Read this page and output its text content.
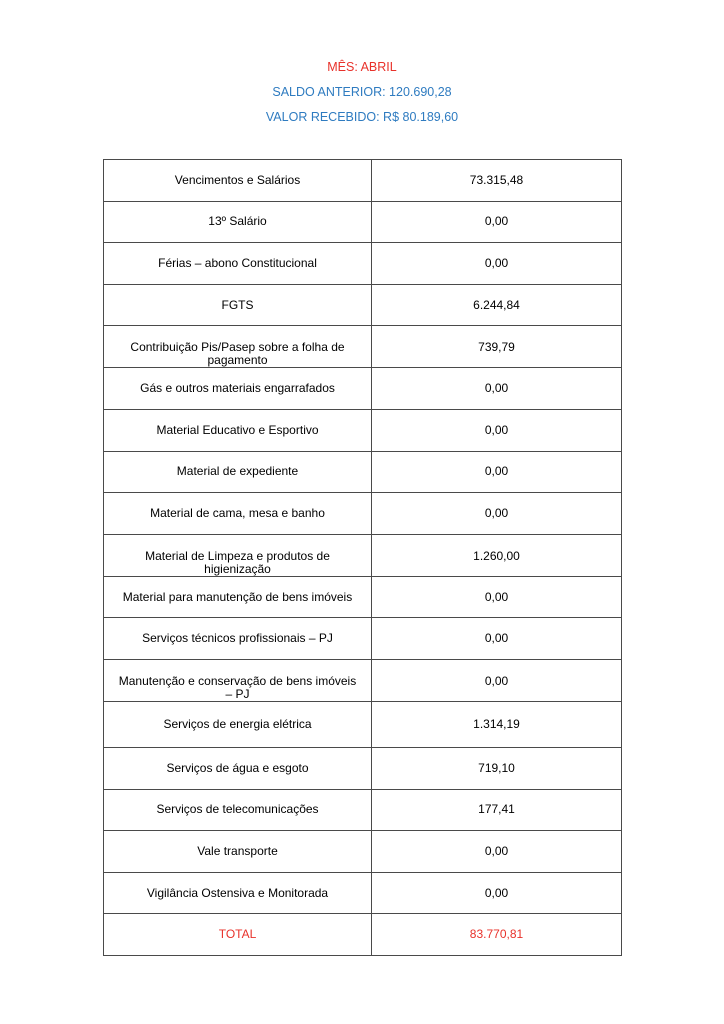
MÊS: ABRIL
SALDO ANTERIOR: 120.690,28
VALOR RECEBIDO: R$ 80.189,60
Vencimentos e Salários	73.315,48
13º Salário	0,00
Férias – abono Constitucional	0,00
FGTS	6.244,84
Contribuição Pis/Pasep sobre a folha de pagamento	739,79
Gás e outros materiais engarrafados	0,00
Material Educativo e Esportivo	0,00
Material de expediente	0,00
Material de cama, mesa e banho	0,00
Material de Limpeza e produtos de higienização	1.260,00
Material para manutenção de bens imóveis	0,00
Serviços técnicos profissionais – PJ	0,00
Manutenção e conservação de bens imóveis – PJ	0,00
Serviços de energia elétrica	1.314,19
Serviços de água e esgoto	719,10
Serviços de telecomunicações	177,41
Vale transporte	0,00
Vigilância Ostensiva e Monitorada	0,00
TOTAL	83.770,81
